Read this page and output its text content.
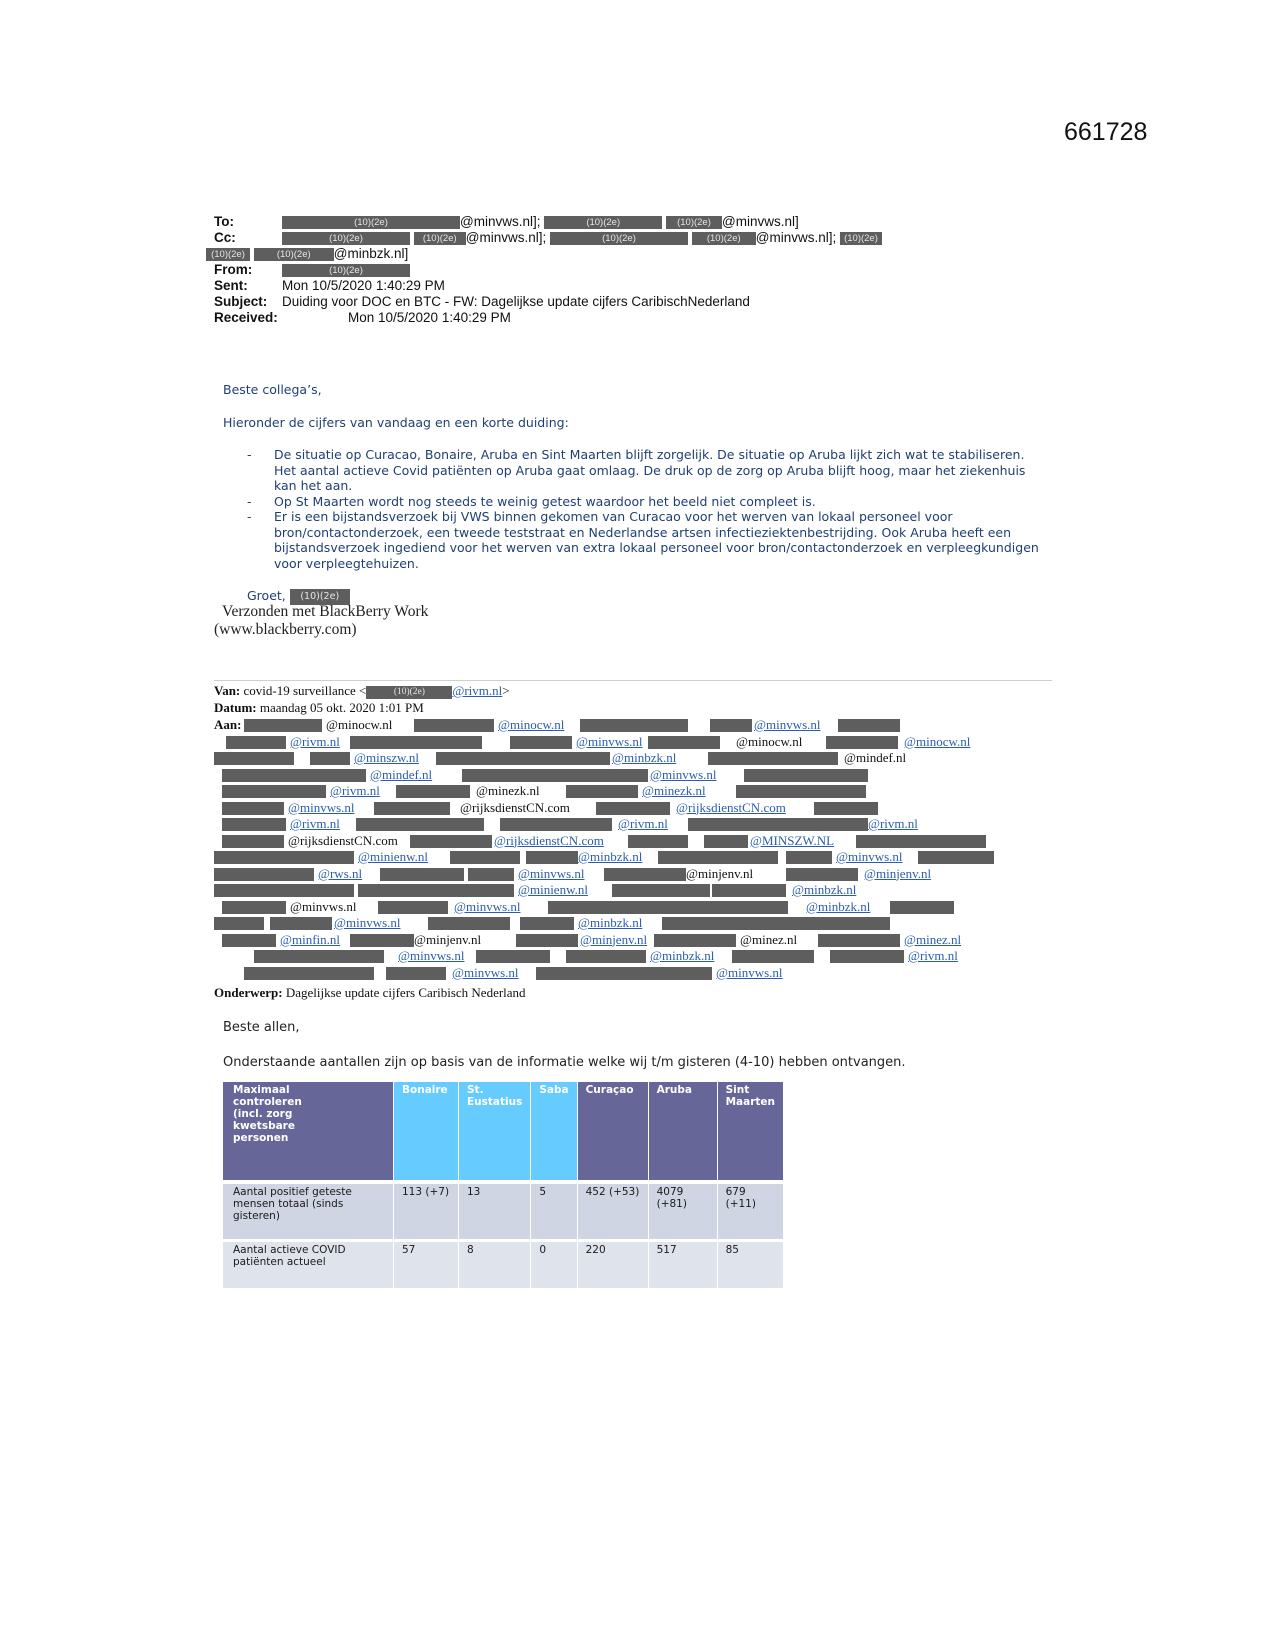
661728
To:	(10)(2e)	@minvws.nl];	(10)(2e)	(10)(2e) @minvws.nl]
Cc:	(10)(2e)	(10)(2e) @minvws.nl];	(10)(2e)	(10)(2e) @minvws.nl]; (10)(2e)
(10)(2e)	(10)(2e) @minbzk.nl]
From:	(10)(2e)
Sent:	Mon 10/5/2020 1:40:29 PM
Subject: Duiding voor DOC en BTC - FW: Dagelijkse update cijfers CaribischNederland
Received:	Mon 10/5/2020 1:40:29 PM
Beste collega’s,
Hieronder de cijfers van vandaag en een korte duiding:
-	De situatie op Curacao, Bonaire, Aruba en Sint Maarten blijft zorgelijk. De situatie op Aruba lijkt zich wat te stabiliseren.
Het aantal actieve Covid patiënten op Aruba gaat omlaag. De druk op de zorg op Aruba blijft hoog, maar het ziekenhuis
kan het aan.
-	Op St Maarten wordt nog steeds te weinig getest waardoor het beeld niet compleet is.
-	Er is een bijstandsverzoek bij VWS binnen gekomen van Curacao voor het werven van lokaal personeel voor
bron/contactonderzoek, een tweede teststraat en Nederlandse artsen infectieziektenbestrijding. Ook Aruba heeft een
bijstandsverzoek ingediend voor het werven van extra lokaal personeel voor bron/contactonderzoek en verpleegkundigen
voor verpleegtehuizen.
Groet, (10)(2e)
Verzonden met BlackBerry Work
(www.blackberry.com)
Van: covid-19 surveillance <	(10)(2e) @rivm.nl>
Datum: maandag 05 okt. 2020 1:01 PM
Aan:	@minocw.nl	@minocw.nl	@minvws.nl
@rivm.nl	@minvws.nl	@minocw.nl	@minocw.nl
@minszw.nl	@minbzk.nl	@mindef.nl
@mindef.nl	@minvws.nl
@rivm.nl	@minezk.nl	@minezk.nl
@minvws.nl	@rijksdienstCN.com	@rijksdienstCN.com
@rivm.nl	@rivm.nl	@rivm.nl
@rijksdienstCN.com	@rijksdienstCN.com	@MINSZW.NL
@minienw.nl	@minbzk.nl	@minvws.nl
@rws.nl	@minvws.nl	@minjenv.nl	@minjenv.nl
@minienw.nl	@minbzk.nl
@minvws.nl	@minvws.nl	@minbzk.nl
@minvws.nl	@minbzk.nl
@minfin.nl	@minjenv.nl	@minjenv.nl	@minez.nl	@minez.nl
@minvws.nl	@minbzk.nl	@rivm.nl
@minvws.nl	@minvws.nl
Onderwerp: Dagelijkse update cijfers Caribisch Nederland
Beste allen,
Onderstaande aantallen zijn op basis van de informatie welke wij t/m gisteren (4-10) hebben ontvangen.
Maximaal
controleren
(incl. zorg
kwetsbare
personen	Bonaire	St. Eustatius	Saba	Curaçao	Aruba	Sint Maarten
Aantal positief geteste mensen totaal (sinds gisteren)	113 (+7)	13	5	452 (+53)	4079 (+81)	679 (+11)
Aantal actieve COVID patiënten actueel	57	8	0	220	517	85
